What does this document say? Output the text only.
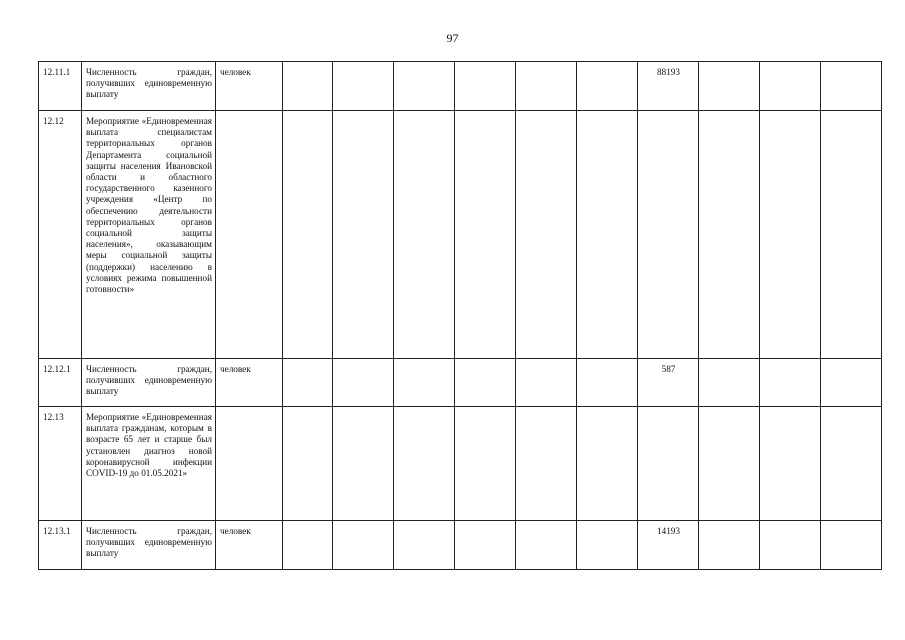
97
12.11.1	Численность граждан, получивших единовременную выплату	человек							88193			
12.12	Мероприятие «Единовременная выплата специалистам территориальных органов Департамента социальной защиты населения Ивановской области и областного государственного казенного учреждения «Центр по обеспечению деятельности территориальных органов социальной защиты населения», оказывающим меры социальной защиты (поддержки) населению в условиях режима повышенной готовности»											
12.12.1	Численность граждан, получивших единовременную выплату	человек							587			
12.13	Мероприятие «Единовременная выплата гражданам, которым в возрасте 65 лет и старше был установлен диагноз новой коронавирусной инфекции COVID-19 до 01.05.2021»											
12.13.1	Численность граждан, получивших единовременную выплату	человек							14193			
